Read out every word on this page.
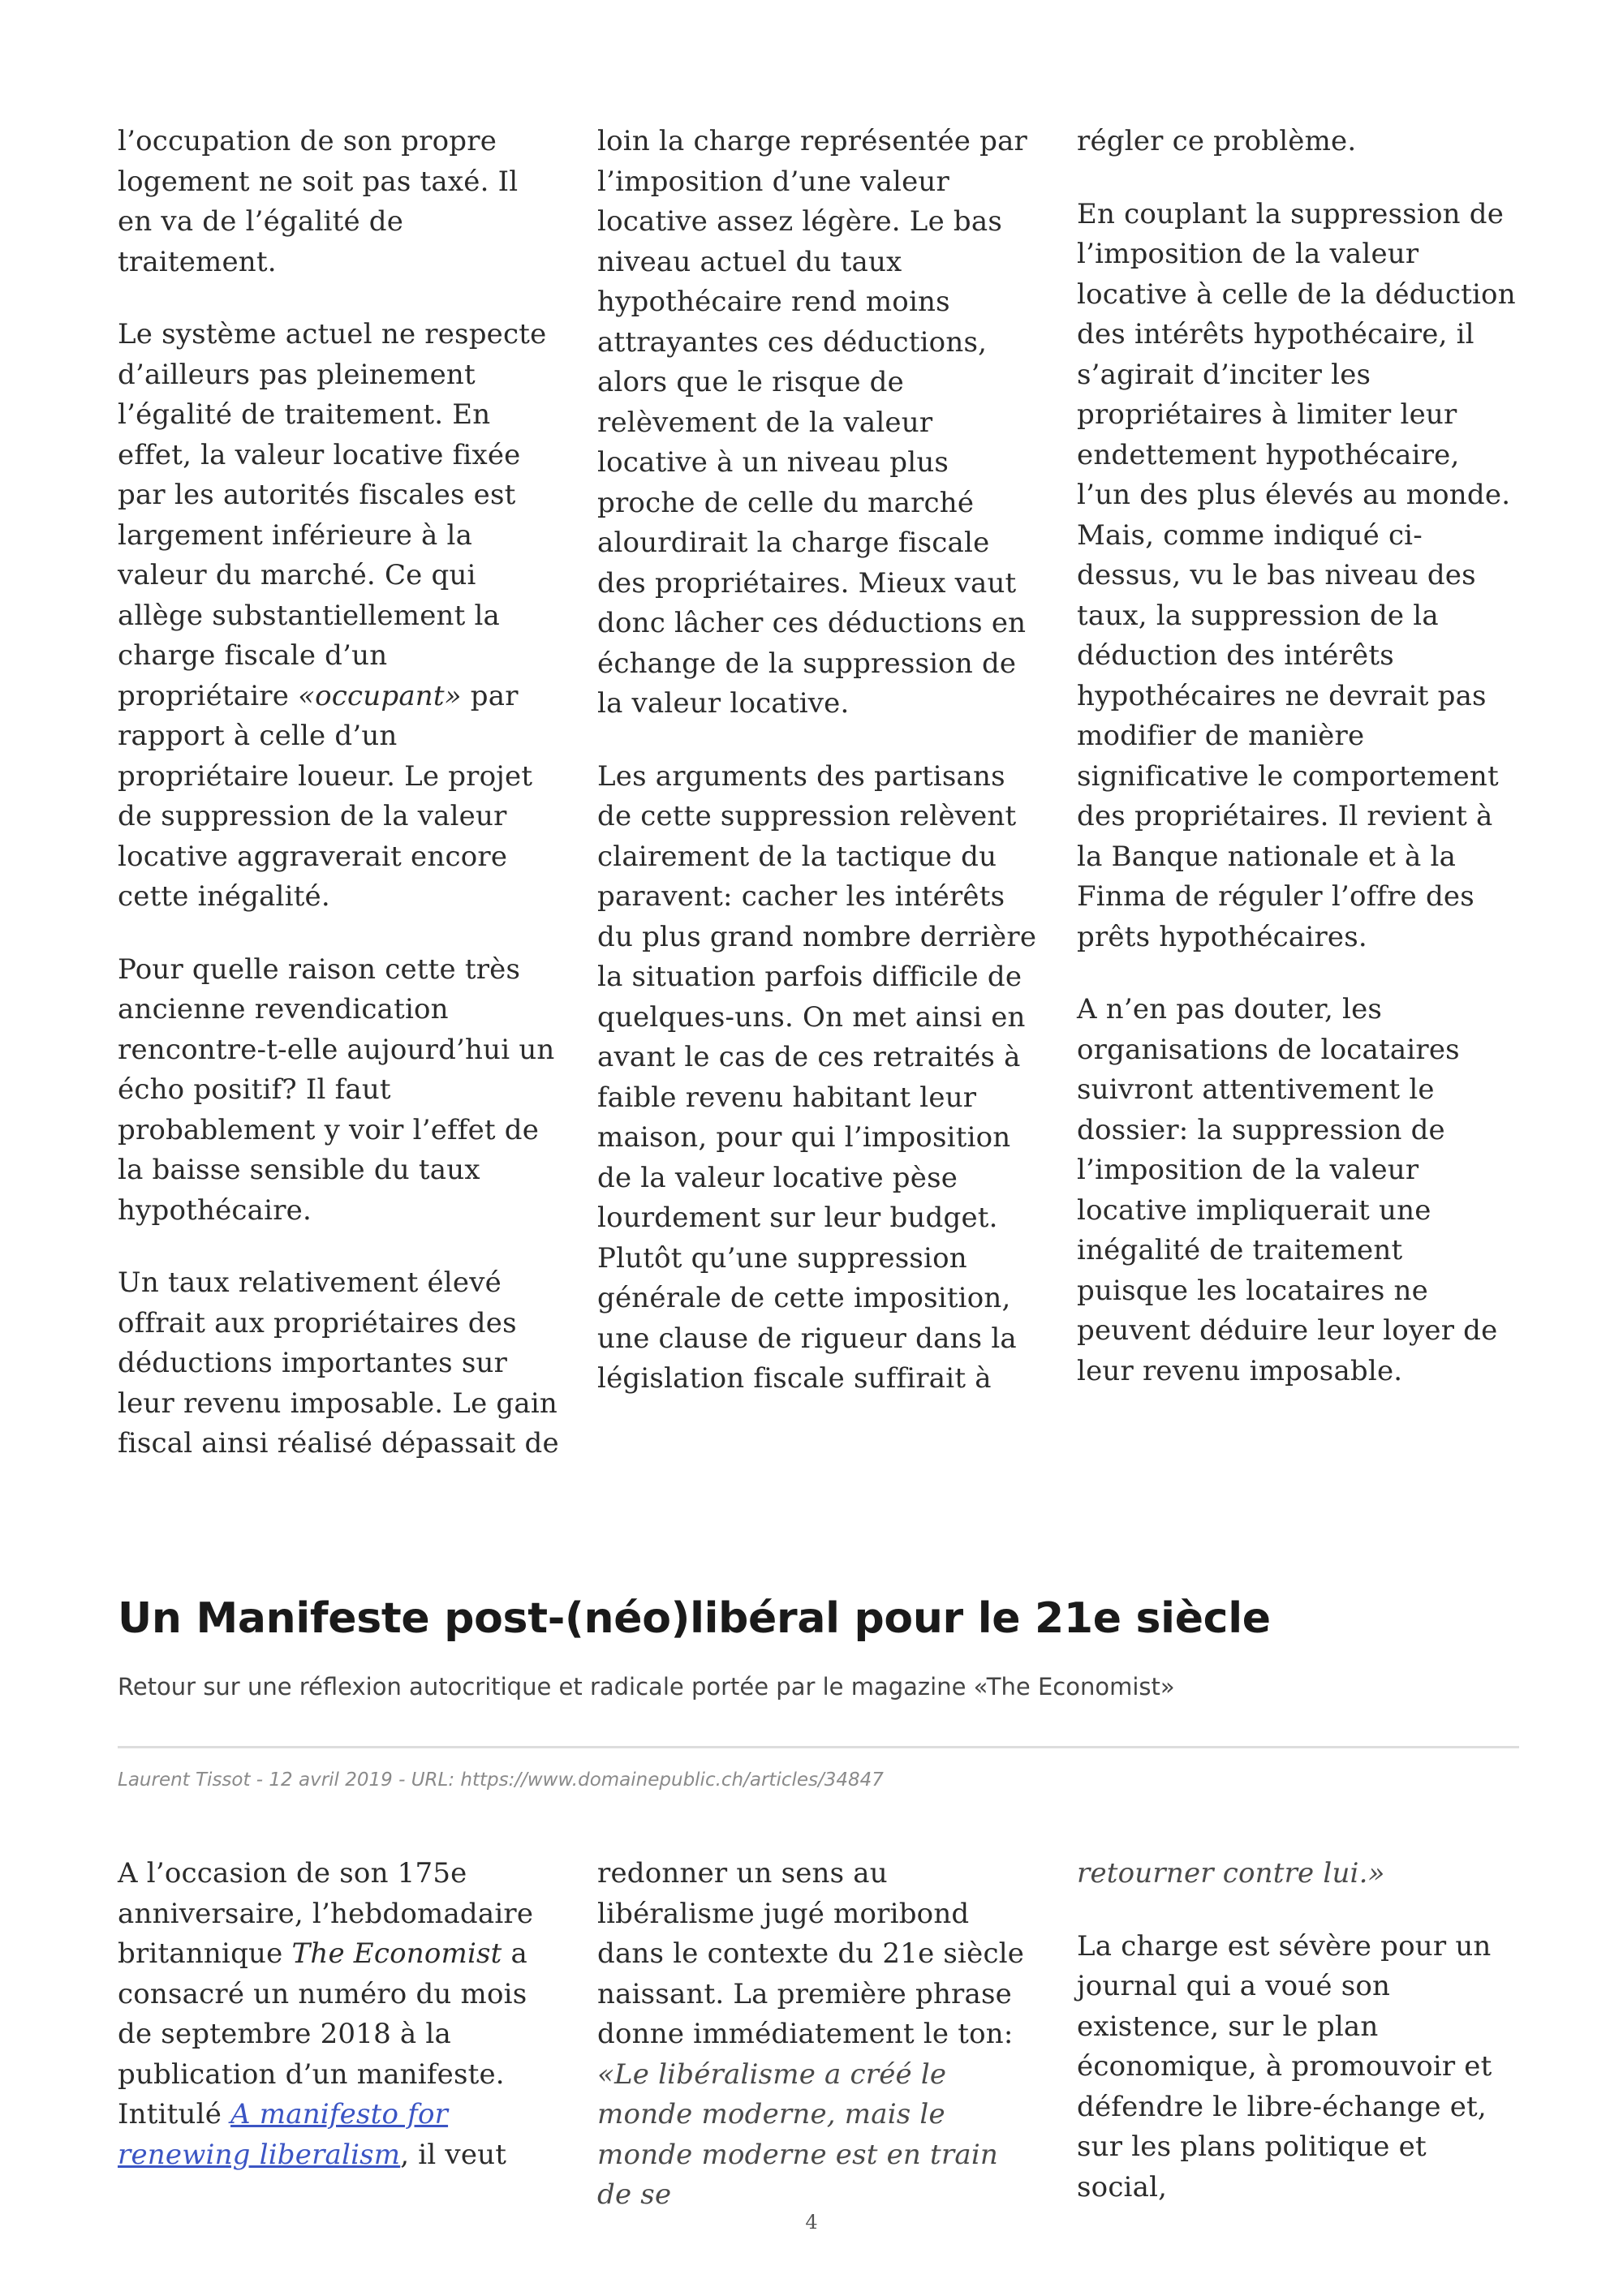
l’occupation de son propre logement ne soit pas taxé. Il en va de l’égalité de traitement.

Le système actuel ne respecte d’ailleurs pas pleinement l’égalité de traitement. En effet, la valeur locative fixée par les autorités fiscales est largement inférieure à la valeur du marché. Ce qui allège substantiellement la charge fiscale d’un propriétaire «occupant» par rapport à celle d’un propriétaire loueur. Le projet de suppression de la valeur locative aggraverait encore cette inégalité.

Pour quelle raison cette très ancienne revendication rencontre-t-elle aujourd’hui un écho positif? Il faut probablement y voir l’effet de la baisse sensible du taux hypothécaire.

Un taux relativement élevé offrait aux propriétaires des déductions importantes sur leur revenu imposable. Le gain fiscal ainsi réalisé dépassait de

loin la charge représentée par l’imposition d’une valeur locative assez légère. Le bas niveau actuel du taux hypothécaire rend moins attrayantes ces déductions, alors que le risque de relèvement de la valeur locative à un niveau plus proche de celle du marché alourdirait la charge fiscale des propriétaires. Mieux vaut donc lâcher ces déductions en échange de la suppression de la valeur locative.

Les arguments des partisans de cette suppression relèvent clairement de la tactique du paravent: cacher les intérêts du plus grand nombre derrière la situation parfois difficile de quelques-uns. On met ainsi en avant le cas de ces retraités à faible revenu habitant leur maison, pour qui l’imposition de la valeur locative pèse lourdement sur leur budget. Plutôt qu’une suppression générale de cette imposition, une clause de rigueur dans la législation fiscale suffirait à

régler ce problème.

En couplant la suppression de l’imposition de la valeur locative à celle de la déduction des intérêts hypothécaire, il s’agirait d’inciter les propriétaires à limiter leur endettement hypothécaire, l’un des plus élevés au monde. Mais, comme indiqué ci-dessus, vu le bas niveau des taux, la suppression de la déduction des intérêts hypothécaires ne devrait pas modifier de manière significative le comportement des propriétaires. Il revient à la Banque nationale et à la Finma de réguler l’offre des prêts hypothécaires.

A n’en pas douter, les organisations de locataires suivront attentivement le dossier: la suppression de l’imposition de la valeur locative impliquerait une inégalité de traitement puisque les locataires ne peuvent déduire leur loyer de leur revenu imposable.

Un Manifeste post-(néo)libéral pour le 21e siècle

Retour sur une réflexion autocritique et radicale portée par le magazine «The Economist»

Laurent Tissot - 12 avril 2019 - URL: https://www.domainepublic.ch/articles/34847

A l’occasion de son 175e anniversaire, l’hebdomadaire britannique The Economist a consacré un numéro du mois de septembre 2018 à la publication d’un manifeste. Intitulé A manifesto for renewing liberalism, il veut

redonner un sens au libéralisme jugé moribond dans le contexte du 21e siècle naissant. La première phrase donne immédiatement le ton: «Le libéralisme a créé le monde moderne, mais le monde moderne est en train de se

retourner contre lui.»

La charge est sévère pour un journal qui a voué son existence, sur le plan économique, à promouvoir et défendre le libre-échange et, sur les plans politique et social,

4
